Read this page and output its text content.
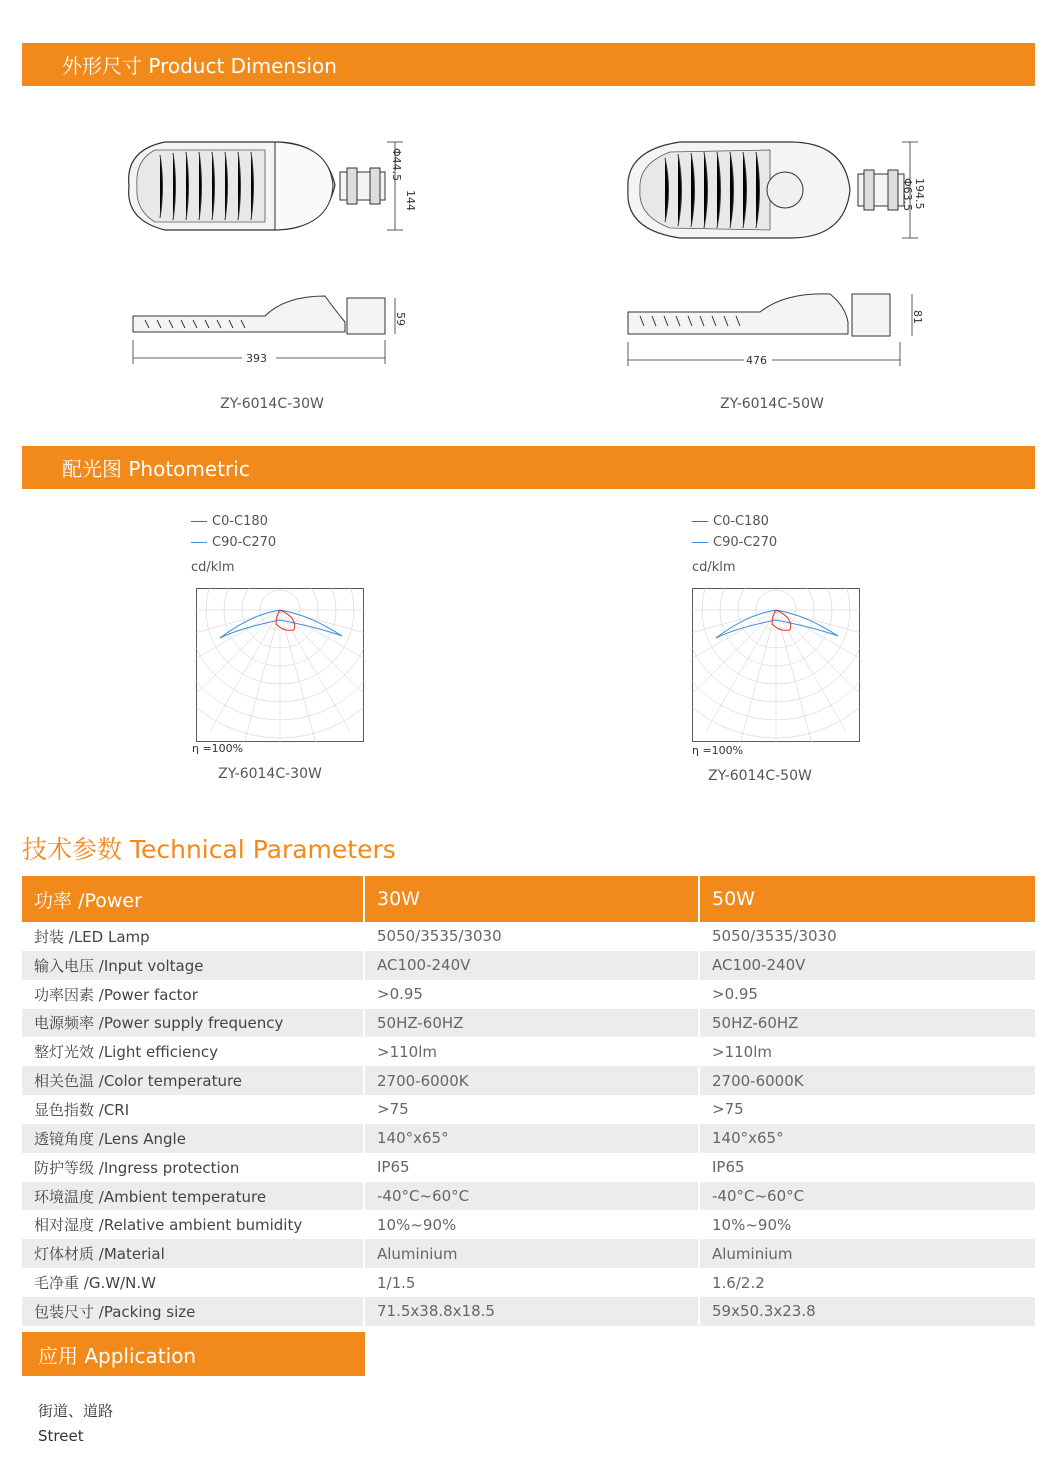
外形尺寸 Product Dimension
144
Φ44.5
59
393
ZY-6014C-30W
194.5
Φ63.5
81
476
ZY-6014C-50W
配光图 Photometric
C0-C180
C90-C270
cd/klm
C0-C180
C90-C270
cd/klm
η =100%
ZY-6014C-30W
η =100%
ZY-6014C-50W
技术参数 Technical Parameters
功率 /Power	30W	50W
封装 /LED Lamp	5050/3535/3030	5050/3535/3030
输入电压 /Input voltage	AC100-240V	AC100-240V
功率因素 /Power factor	>0.95	>0.95
电源频率 /Power supply frequency	50HZ-60HZ	50HZ-60HZ
整灯光效 /Light efficiency	>110lm	>110lm
相关色温 /Color temperature	2700-6000K	2700-6000K
显色指数 /CRI	>75	>75
透镜角度 /Lens Angle	140°x65°	140°x65°
防护等级 /Ingress protection	IP65	IP65
环境温度 /Ambient temperature	-40°C~60°C	-40°C~60°C
相对湿度 /Relative ambient bumidity	10%~90%	10%~90%
灯体材质 /Material	Aluminium	Aluminium
毛净重 /G.W/N.W	1/1.5	1.6/2.2
包装尺寸 /Packing size	71.5x38.8x18.5	59x50.3x23.8
应用 Application
街道、道路
Street
